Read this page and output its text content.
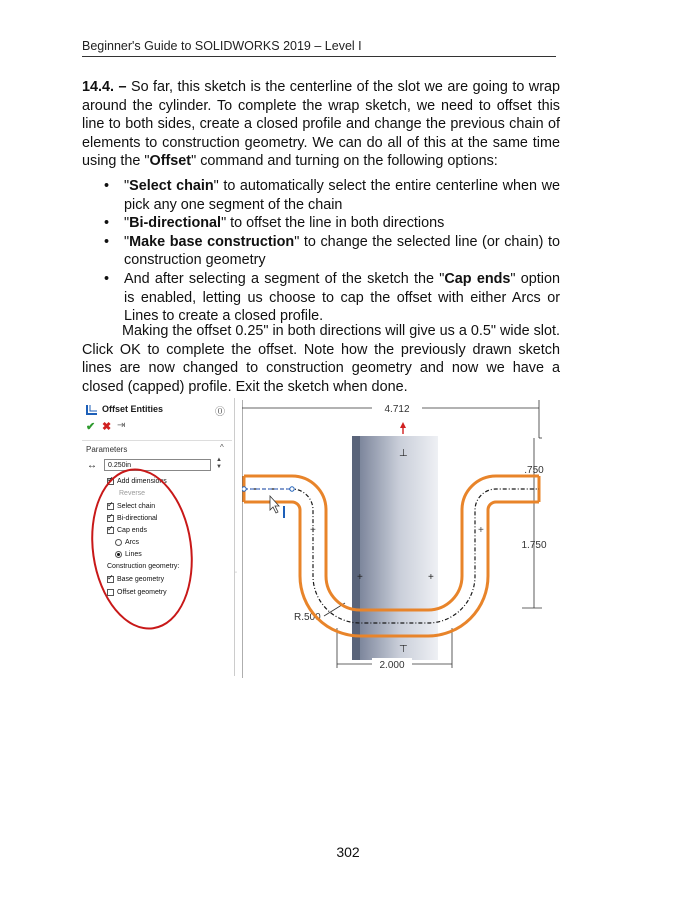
Beginner's Guide to SOLIDWORKS 2019 – Level I
14.4. – So far, this sketch is the centerline of the slot we are going to wrap around the cylinder. To complete the wrap sketch, we need to offset this line to both sides, create a closed profile and change the previous chain of elements to construction geometry. We can do all of this at the same time using the "Offset" command and turning on the following options:
• "Select chain" to automatically select the entire centerline when we pick any one segment of the chain
• "Bi-directional" to offset the line in both directions
• "Make base construction" to change the selected line (or chain) to construction geometry
• And after selecting a segment of the sketch the "Cap ends" option is enabled, letting us choose to cap the offset with either Arcs or Lines to create a closed profile.
Making the offset 0.25" in both directions will give us a 0.5" wide slot. Click OK to complete the offset. Note how the previously drawn sketch lines are now changed to construction geometry and now we have a closed (capped) profile. Exit the sketch when done.
Offset Entities	⓪
✔ ✖ ⇥
Parameters	^
↔	0.250in
▲
▼
✓
Add dimensions
Reverse
✓
Select chain
✓
Bi-directional
✓
Cap ends
Arcs
Lines
Construction geometry:
✓
Base geometry
Offset geometry
◦
4.712
.750
1.750
2.000
R.500
+	+
+	+
⊥
⊤
302
